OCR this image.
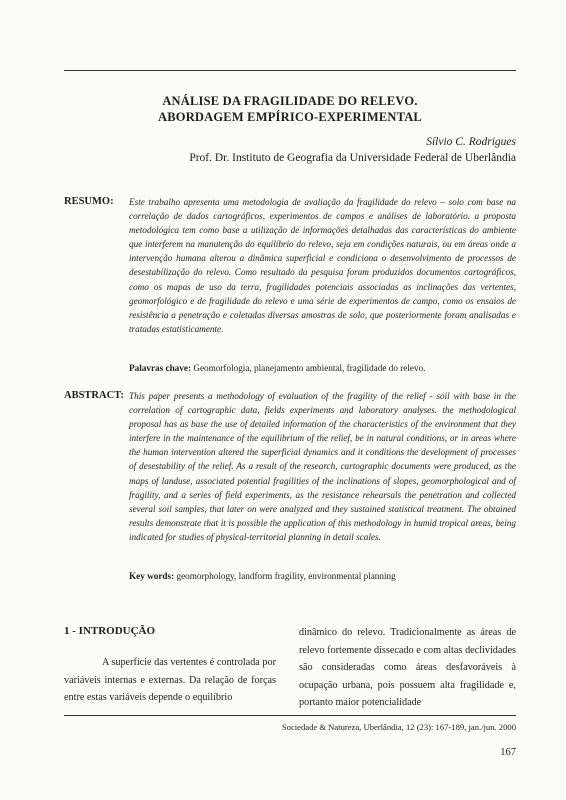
ANÁLISE DA FRAGILIDADE DO RELEVO.
ABORDAGEM EMPÍRICO-EXPERIMENTAL
Sílvio C. Rodrigues
Prof. Dr. Instituto de Geografia da Universidade Federal de Uberlândia
RESUMO: Este trabalho apresenta uma metodologia de avaliação da fragilidade do relevo – solo com base na correlação de dados cartográficos, experimentos de campos e análises de laboratório. a proposta metodológica tem como base a utilização de informações detalhadas das características do ambiente que interferem na manutenção do equilíbrio do relevo, seja em condições naturais, ou em áreas onde a intervenção humana alterou a dinâmica superficial e condiciona o desenvolvimento de processos de desestabilização do relevo. Como resultado da pesquisa foram produzidos documentos cartográficos, como os mapas de uso da terra, fragilidades potenciais associadas as inclinações das vertentes, geomorfológico e de fragilidade do relevo e uma série de experimentos de campo, como os ensaios de resistência a penetração e coletadas diversas amostras de solo, que posteriormente foram analisadas e tratadas estatisticamente.
Palavras chave: Geomorfologia, planejamento ambiental, fragilidade do relevo.
ABSTRACT: This paper presents a methodology of evaluation of the fragility of the relief - soil with base in the correlation of cartographic data, fields experiments and laboratory analyses. the methodological proposal has as base the use of detailed information of the characteristics of the environment that they interfere in the maintenance of the equilibrium of the relief, be in natural conditions, or in areas where the human intervention altered the superficial dynamics and it conditions the development of processes of desestability of the relief. As a result of the research, cartographic documents were produced, as the maps of landuse, associated potential fragilities of the inclinations of slopes, geomorphological and of fragility, and a series of field experiments, as the resistance rehearsals the penetration and collected several soil samples, that later on were analyzed and they sustained statistical treatment. The obtained results demonstrate that it is possible the application of this methodology in humid tropical areas, being indicated for studies of physical-territorial planning in detail scales.
Key words: geomorphology, landform fragility, environmental planning
1 - INTRODUÇÃO
A superfície das vertentes é controlada por variáveis internas e externas. Da relação de forças entre estas variáveis depende o equilíbrio
dinâmico do relevo. Tradicionalmente as áreas de relevo fortemente dissecado e com altas declividades são consideradas como áreas desfavoráveis à ocupação urbana, pois possuem alta fragilidade e, portanto maior potencialidade
Sociedade & Natureza, Uberlândia, 12 (23): 167-189, jan./jun. 2000
167
